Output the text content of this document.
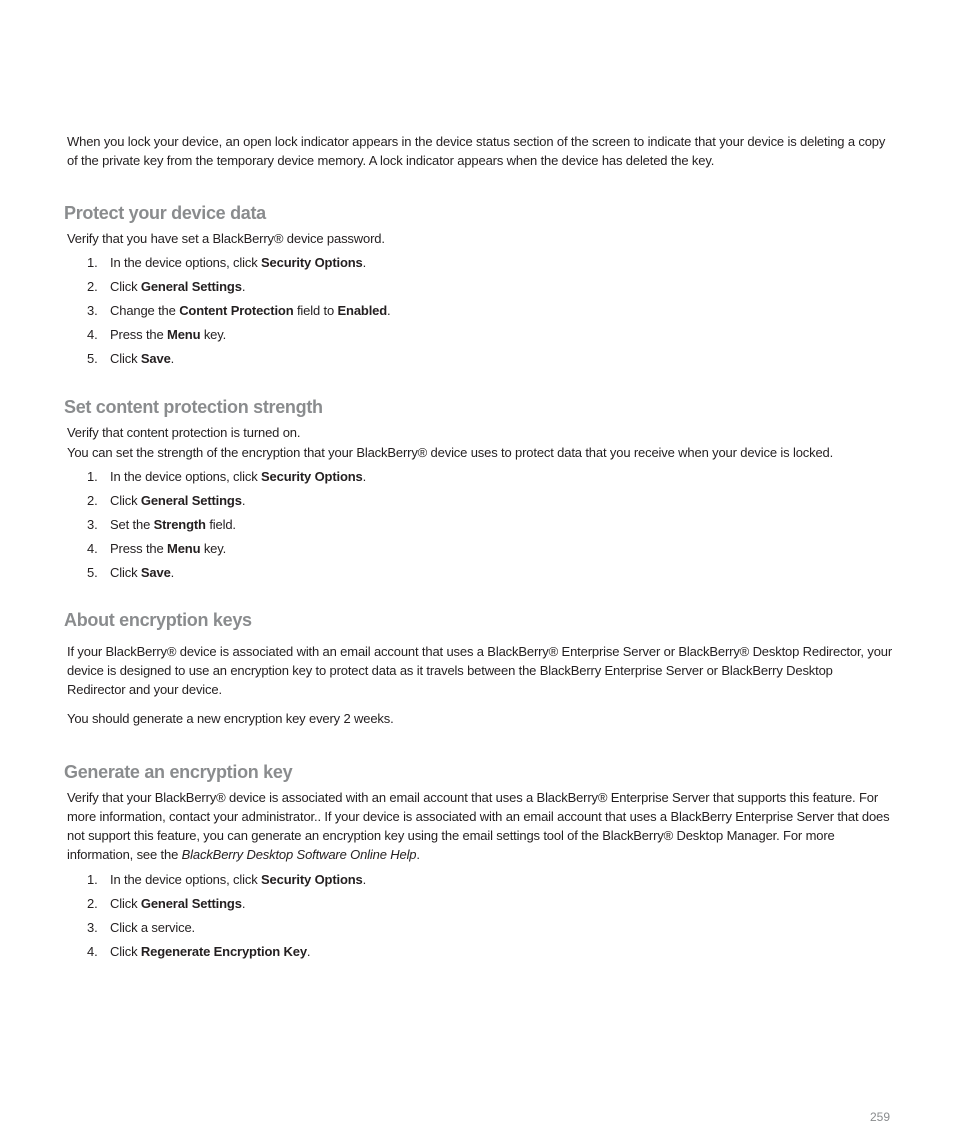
When you lock your device, an open lock indicator appears in the device status section of the screen to indicate that your device is deleting a copy of the private key from the temporary device memory. A lock indicator appears when the device has deleted the key.

Protect your device data

Verify that you have set a BlackBerry® device password.

1. In the device options, click Security Options.
2. Click General Settings.
3. Change the Content Protection field to Enabled.
4. Press the Menu key.
5. Click Save.
Set content protection strength

Verify that content protection is turned on.

You can set the strength of the encryption that your BlackBerry® device uses to protect data that you receive when your device is locked.

1. In the device options, click Security Options.
2. Click General Settings.
3. Set the Strength field.
4. Press the Menu key.
5. Click Save.
About encryption keys

If your BlackBerry® device is associated with an email account that uses a BlackBerry® Enterprise Server or BlackBerry® Desktop Redirector, your device is designed to use an encryption key to protect data as it travels between the BlackBerry Enterprise Server or BlackBerry Desktop Redirector and your device.

You should generate a new encryption key every 2 weeks.

Generate an encryption key

Verify that your BlackBerry® device is associated with an email account that uses a BlackBerry® Enterprise Server that supports this feature. For more information, contact your administrator.. If your device is associated with an email account that uses a BlackBerry Enterprise Server that does not support this feature, you can generate an encryption key using the email settings tool of the BlackBerry® Desktop Manager. For more information, see the BlackBerry Desktop Software Online Help.

1. In the device options, click Security Options.
2. Click General Settings.
3. Click a service.
4. Click Regenerate Encryption Key.
259
